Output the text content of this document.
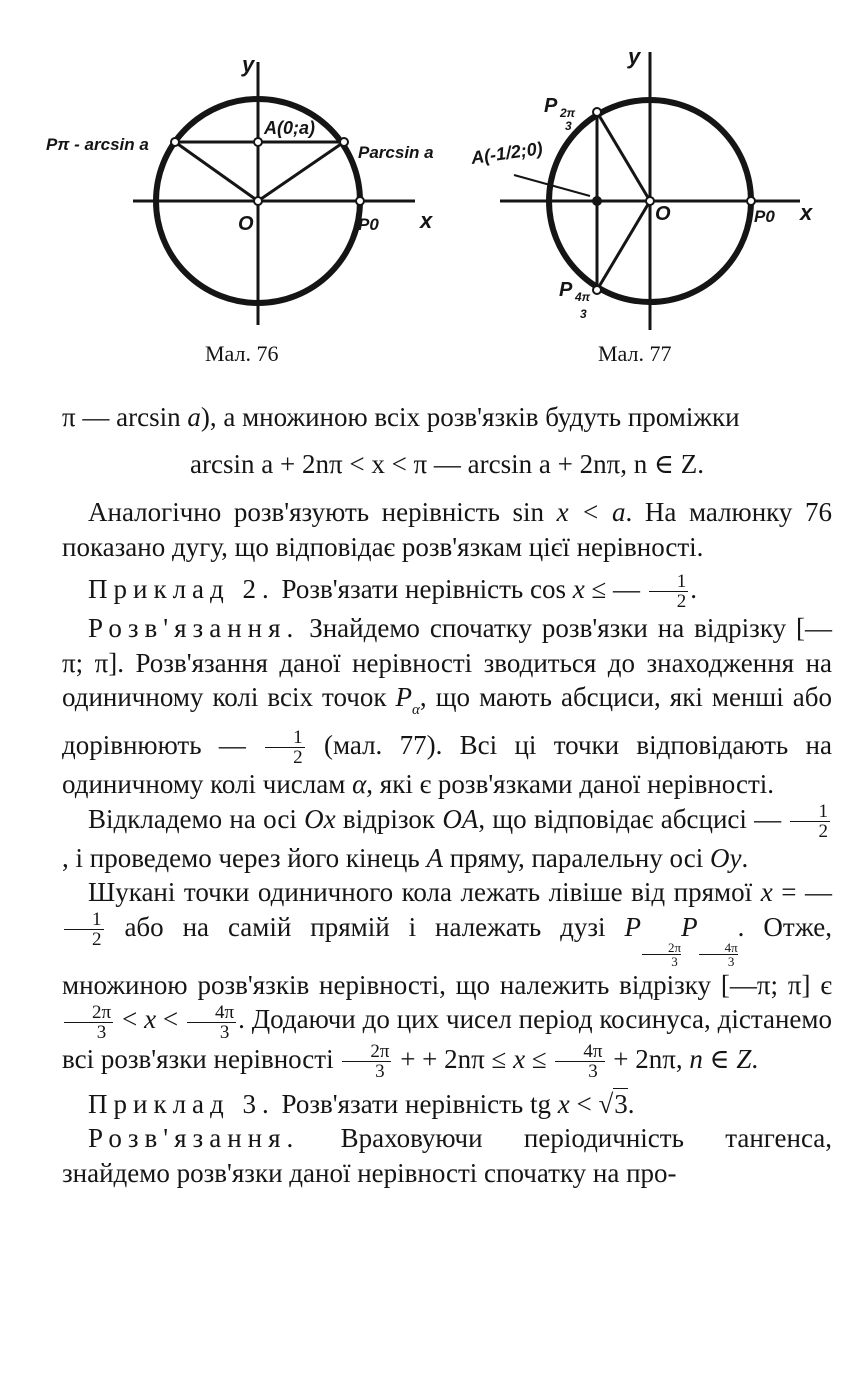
y
x
O
A(0;a)
Pπ - arcsin a	Parcsin a
P0
Мал. 76
y
x
O
A(-1/2;0)
P 2π
3
P 4π
3
P0
Мал. 77

π — arcsin a), а множиною всіх розв'язків будуть проміжки

arcsin a + 2nπ < x < π — arcsin a + 2nπ, n ∈ Z.

Аналогічно розв'язують нерівність sin x < a. На малюнку 76 показано дугу, що відповідає розв'язкам цієї нерівності.

Приклад 2. Розв'язати нерівність cos x ≤ — $\frac{1}{2}$ .

Розв'язання. Знайдемо спочатку розв'язки на відрізку [—π; π]. Розв'язання даної нерівності зводиться до знаходження на одиничному колі всіх точок $P_\alpha$, що мають абсциси, які менші або дорівнюють — $\frac{1}{2} (мал$. 77). Всі ці точки відповідають на одиничному колі числам α, які є розв'язками даної нерівності.

Відкладемо на осі Ox відрізок OA, що відповідає абсцисі — $\frac{1}{2}$
, і проведемо через його кінець A пряму, паралельну осі Oy.

Шукані точки одиничного кола лежать лівіше від прямої x = —
$\frac{1}{2}$ або на самій прямій і належать дузі P
$\frac{2\pi}{3}$
P
$\frac{4\pi}{3}$
. Отже, множиною розв'язків нерівності, що належить відрізку [—π; π] є
$\frac{2\pi}{3} < x < \frac{4\pi}{3}$ . Додаючи до цих чисел період косинуса, дістанемо всі розв'язки нерівності $\frac{2\pi}{3}$ + + $2n\pi \le x \le \frac{4\pi}{3} + 2n\pi$, n ∈ Z.

Приклад 3. Розв'язати нерівність tg x < √3.

Розв'язання. Враховуючи періодичність тангенса, знайдемо розв'язки даної нерівності спочатку на про-
